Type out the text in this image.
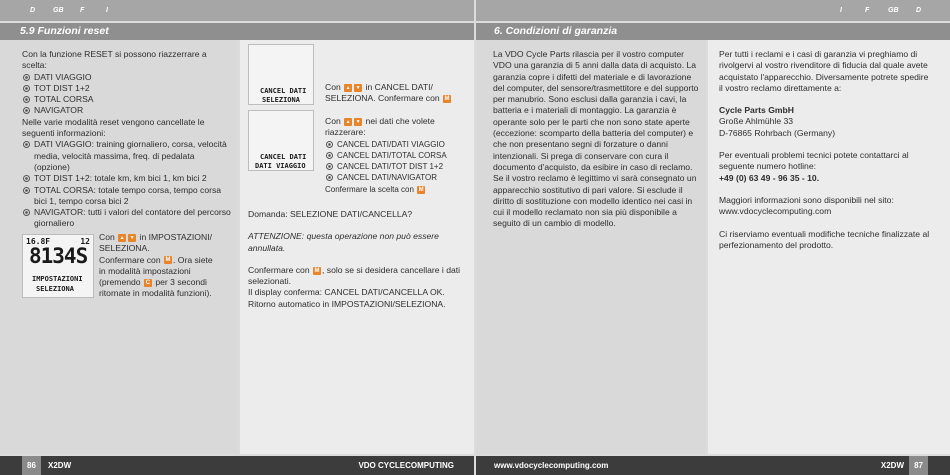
D	GB F	I	I	F	GB	D
5.9 Funzioni reset	6. Condizioni di garanzia
Con la funzione RESET si possono riazzerrare a scelta:
DATI VIAGGIO
TOT DIST 1+2
TOTAL CORSA
NAVIGATOR
Nelle varie modalità reset vengono cancellate le seguenti informazioni:
DATI VIAGGIO: training giornaliero, corsa, velocità media, velocità massima, freq. di pedalata (opzione)
TOT DIST 1+2: totale km, km bici 1, km bici 2
TOTAL CORSA: totale tempo corsa, tempo corsa bici 1, tempo corsa bici 2
NAVIGATOR: tutti i valori del contatore del percorso giornaliero
16.8F	12
8134S
IMPOSTAZIONI
SELEZIONA
Con ▲ ▼	in IMPOSTAZIONI/
SELEZIONA.
Confermare con M . Ora siete
in modalità impostazioni
(premendo C per 3 secondi
ritornate in modalità funzioni).
CANCEL DATI
SELEZIONA
CANCEL DATI
DATI VIAGGIO
Con ▲ ▼	in CANCEL DATI/
SELEZIONA. Confermare con M
Con ▲ ▼	nei dati che volete
riazzerare:
CANCEL DATI/DATI VIAGGIO
CANCEL DATI/TOTAL CORSA
CANCEL DATI/TOT DIST 1+2
CANCEL DATI/NAVIGATOR
Confermare la scelta con M
Domanda: SELEZIONE DATI/CANCELLA?
ATTENZIONE: questa operazione non può essere annullata.
Confermare con M , solo se si desidera cancellare i dati selezionati.
Il display conferma: CANCEL DATI/CANCELLA OK. Ritorno automatico in IMPOSTAZIONI/SELEZIONA.
La VDO Cycle Parts rilascia per il vostro computer VDO una garanzia di 5 anni dalla data di acquisto. La garanzia copre i difetti del materiale e di lavorazione del computer, del sensore/trasmettitore e del supporto per manubrio. Sono esclusi dalla garanzia i cavi, la batteria e i materiali di montaggio. La garanzia è operante solo per le parti che non sono state aperte (eccezione: scomparto della batteria del computer) e che non presentano segni di forzature o danni intenzionali. Si prega di conservare con cura il documento d'acquisto, da esibire in caso di reclamo. Se il vostro reclamo è legittimo vi sarà consegnato un apparecchio sostitutivo di pari valore. Si esclude il diritto di sostituzione con modello identico nei casi in cui il modello reclamato non sia più disponibile a seguito di un cambio di modello.
Per tutti i reclami e i casi di garanzia vi preghiamo di rivolgervi al vostro rivenditore di fiducia dal quale avete acquistato l'apparecchio. Diversamente potrete spedire il vostro reclamo direttamente a:
Cycle Parts GmbH
Große Ahlmühle 33
D-76865 Rohrbach (Germany)
Per eventuali problemi tecnici potete contattarci al seguente numero hotline:
+49 (0) 63 49 - 96 35 - 10.
Maggiori informazioni sono disponibili nel sito:
www.vdocyclecomputing.com
Ci riserviamo eventuali modifiche tecniche finalizzate al perfezionamento del prodotto.
86	X2DW	VDO CYCLECOMPUTING	www.vdocyclecomputing.com	X2DW	87
